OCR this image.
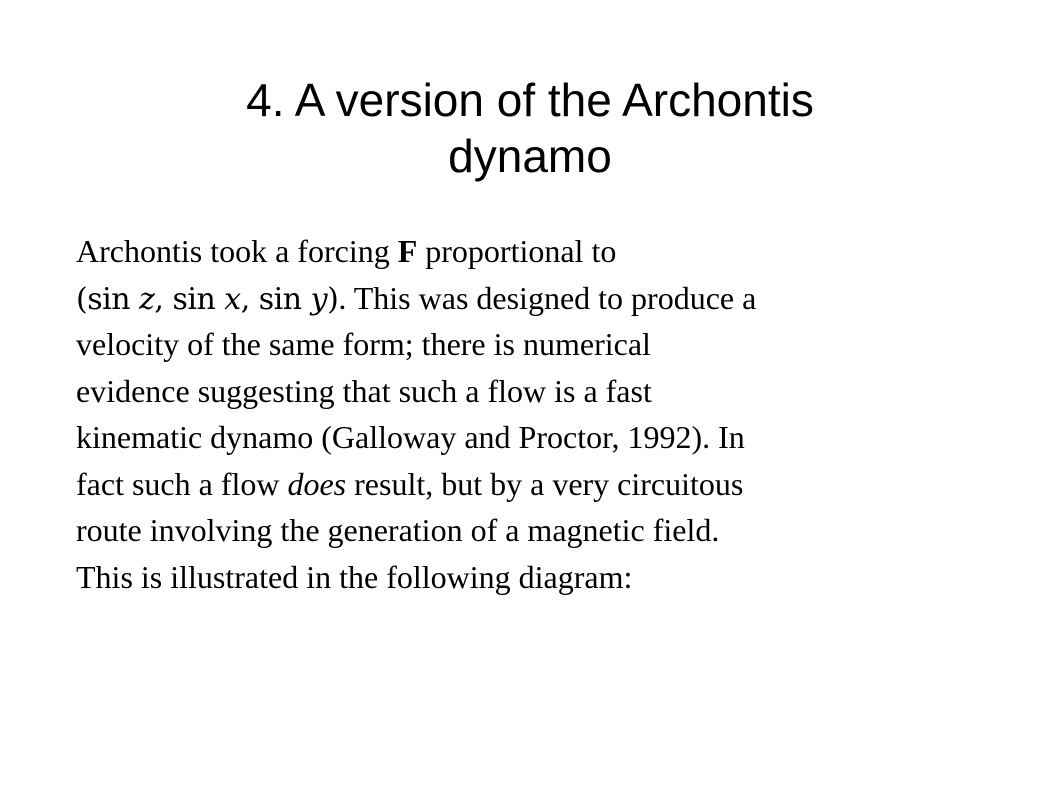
4. A version of the Archontis
dynamo
Archontis took a forcing F proportional to
(sin z, sin x, sin y). This was designed to produce a
velocity of the same form; there is numerical
evidence suggesting that such a flow is a fast
kinematic dynamo (Galloway and Proctor, 1992). In
fact such a flow does result, but by a very circuitous
route involving the generation of a magnetic field.
This is illustrated in the following diagram:
